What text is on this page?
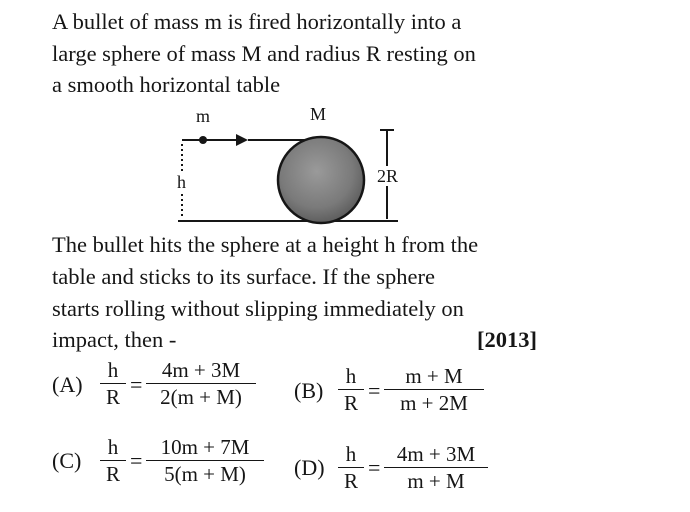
A bullet of mass m is fired horizontally into a
large sphere of mass M and radius R resting on
a smooth horizontal table
m	M
h	2R
The bullet hits the sphere at a height h from the
table and sticks to its surface. If the sphere
starts rolling without slipping immediately on
impact, then -	[2013]
(A)
h
R =
4m + 3M
2(m + M)	(B)
h
R =
m + M
m + 2M
(C)
h
R
=
10m + 7M
5(m + M)	(D)
h
R
=
4m + 3M
m + M
